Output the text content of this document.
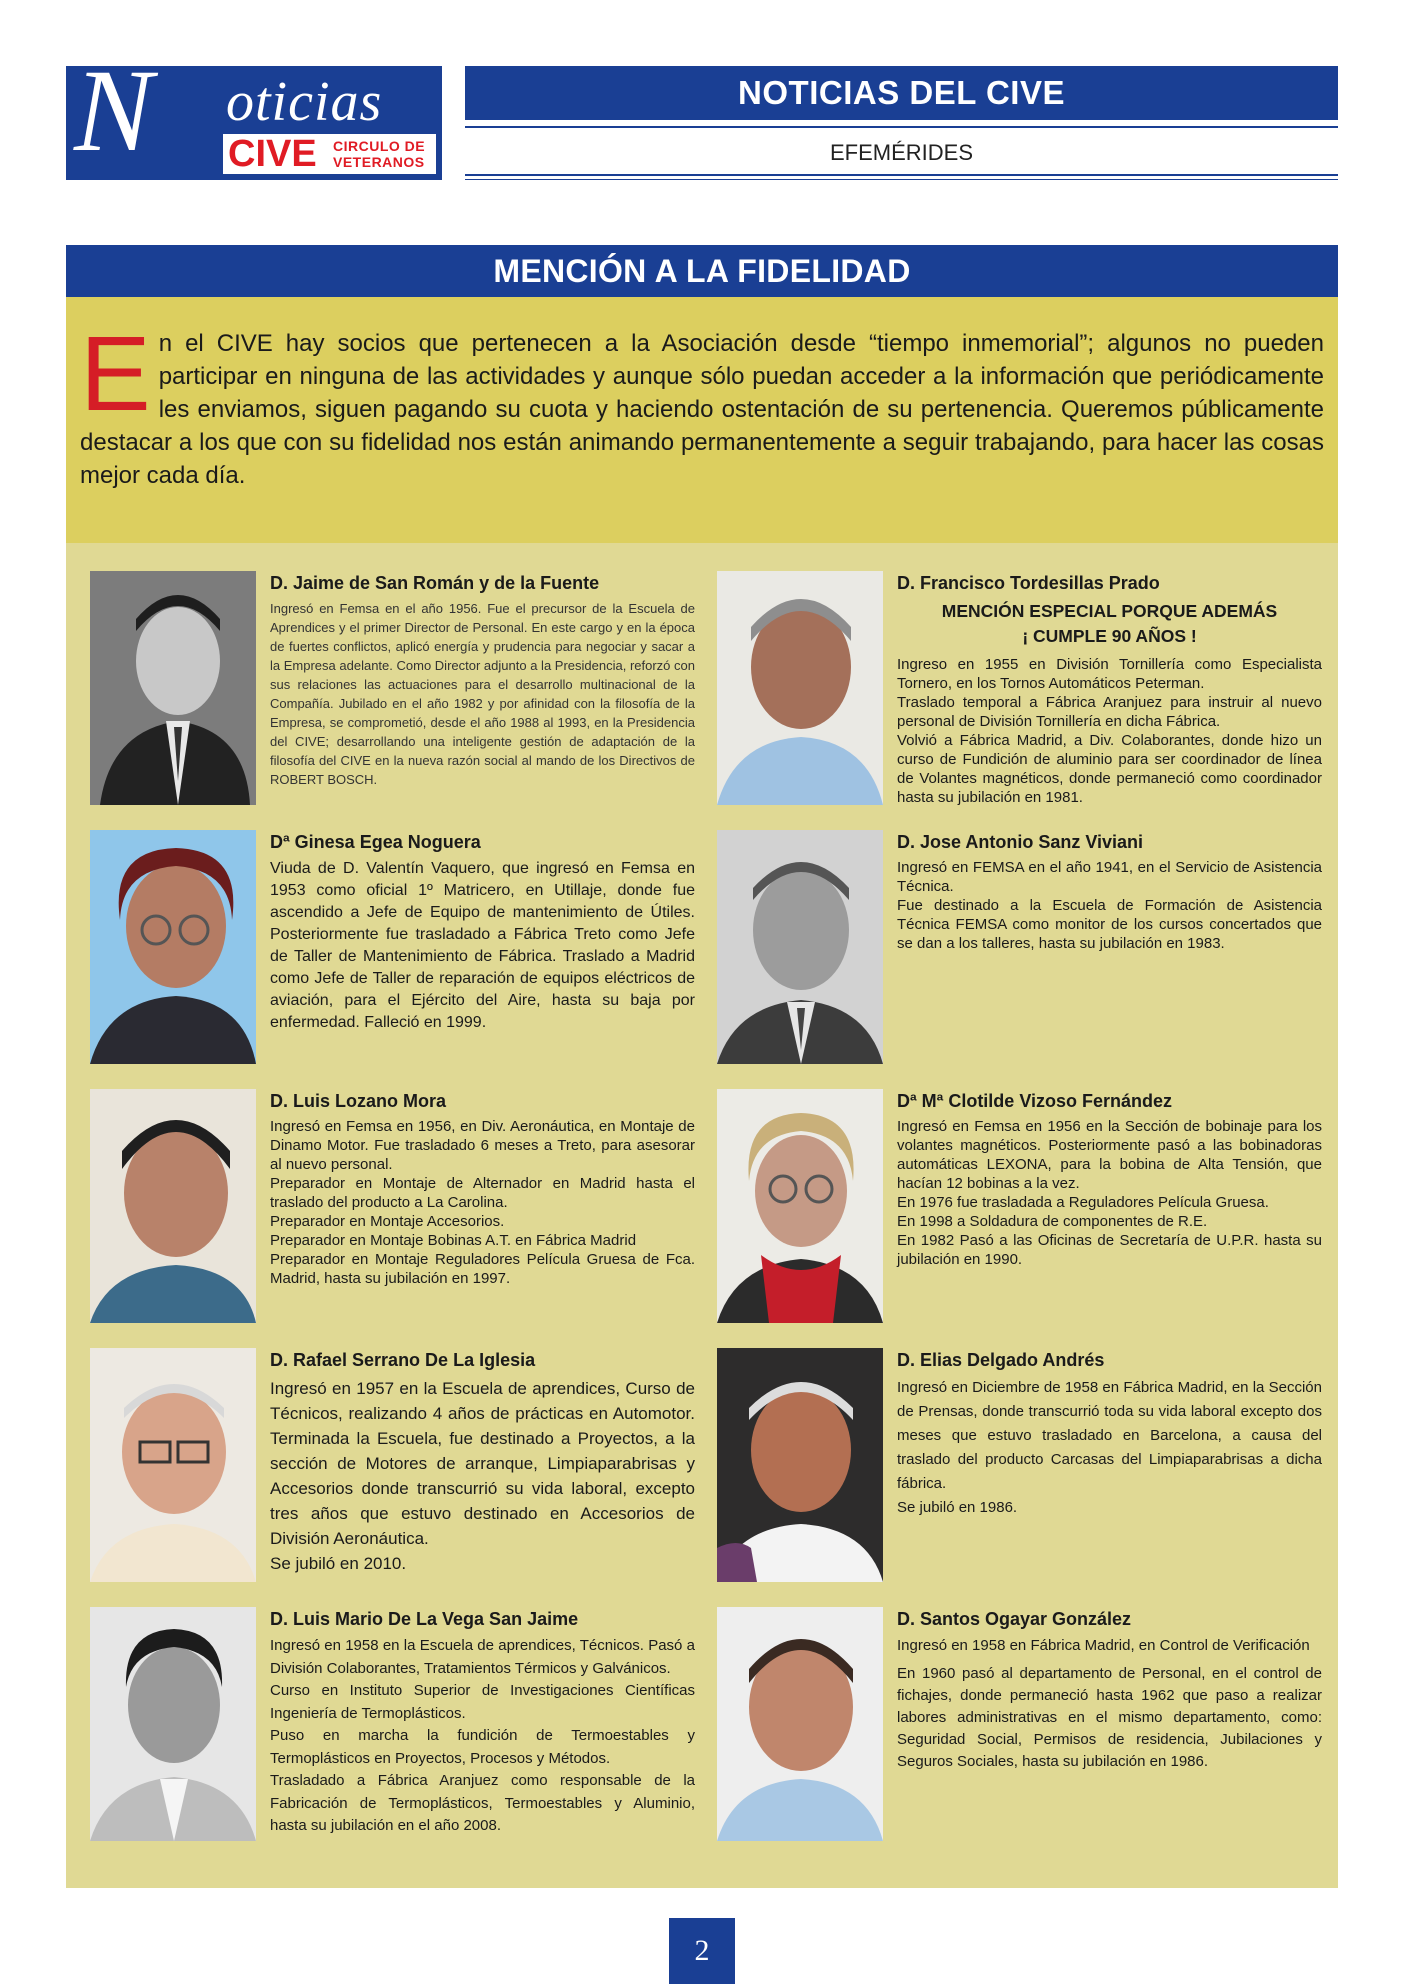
N oticias
CIVE CIRCULO DE
VETERANOS
NOTICIAS DEL CIVE
EFEMÉRIDES
MENCIÓN A LA FIDELIDAD
En el CIVE hay socios que pertenecen a la Asociación desde “tiempo inmemorial”; algunos no pueden participar en ninguna de las actividades y aunque sólo puedan acceder a la información que periódicamente les enviamos, siguen pagando su cuota y haciendo ostentación de su pertenencia. Queremos públicamente destacar a los que con su fidelidad nos están animando permanentemente a seguir trabajando, para hacer las cosas mejor cada día.
D. Jaime de San Román y de la Fuente

Ingresó en Femsa en el año 1956. Fue el precursor de la Escuela de Aprendices y el primer Director de Personal. En este cargo y en la época de fuertes conflictos, aplicó energía y prudencia para negociar y sacar a la Empresa adelante. Como Director adjunto a la Presidencia, reforzó con sus relaciones las actuaciones para el desarrollo multinacional de la Compañía. Jubilado en el año 1982 y por afinidad con la filosofía de la Empresa, se comprometió, desde el año 1988 al 1993, en la Presidencia del CIVE; desarrollando una inteligente gestión de adaptación de la filosofía del CIVE en la nueva razón social al mando de los Directivos de ROBERT BOSCH.

D. Francisco Tordesillas Prado
MENCIÓN ESPECIAL PORQUE ADEMÁS
¡ CUMPLE 90 AÑOS !

Ingreso en 1955 en División Tornillería como Especialista Tornero, en los Tornos Automáticos Peterman.

Traslado temporal a Fábrica Aranjuez para instruir al nuevo personal de División Tornillería en dicha Fábrica.

Volvió a Fábrica Madrid, a Div. Colaborantes, donde hizo un curso de Fundición de aluminio para ser coordinador de línea de Volantes magnéticos, donde permaneció como coordinador hasta su jubilación en 1981.

Dª Ginesa Egea Noguera

Viuda de D. Valentín Vaquero, que ingresó en Femsa en 1953 como oficial 1º Matricero, en Utillaje, donde fue ascendido a Jefe de Equipo de mantenimiento de Útiles. Posteriormente fue trasladado a Fábrica Treto como Jefe de Taller de Mantenimiento de Fábrica. Traslado a Madrid como Jefe de Taller de reparación de equipos eléctricos de aviación, para el Ejército del Aire, hasta su baja por enfermedad. Falleció en 1999.

D. Jose Antonio Sanz Viviani

Ingresó en FEMSA en el año 1941, en el Servicio de Asistencia Técnica.

Fue destinado a la Escuela de Formación de Asistencia Técnica FEMSA como monitor de los cursos concertados que se dan a los talleres, hasta su jubilación en 1983.

D. Luis Lozano Mora

Ingresó en Femsa en 1956, en Div. Aeronáutica, en Montaje de Dinamo Motor. Fue trasladado 6 meses a Treto, para asesorar al nuevo personal.

Preparador en Montaje de Alternador en Madrid hasta el traslado del producto a La Carolina.

Preparador en Montaje Accesorios.

Preparador en Montaje Bobinas A.T. en Fábrica Madrid

Preparador en Montaje Reguladores Película Gruesa de Fca. Madrid, hasta su jubilación en 1997.

Dª Mª Clotilde Vizoso Fernández

Ingresó en Femsa en 1956 en la Sección de bobinaje para los volantes magnéticos. Posteriormente pasó a las bobinadoras automáticas LEXONA, para la bobina de Alta Tensión, que hacían 12 bobinas a la vez.

En 1976 fue trasladada a Reguladores Película Gruesa.

En 1998 a Soldadura de componentes de R.E.

En 1982 Pasó a las Oficinas de Secretaría de U.P.R. hasta su jubilación en 1990.

D. Rafael Serrano De La Iglesia

Ingresó en 1957 en la Escuela de aprendices, Curso de Técnicos, realizando 4 años de prácticas en Automotor. Terminada la Escuela, fue destinado a Proyectos, a la sección de Motores de arranque, Limpiaparabrisas y Accesorios donde transcurrió su vida laboral, excepto tres años que estuvo destinado en Accesorios de División Aeronáutica.

Se jubiló en 2010.

D. Elias Delgado Andrés

Ingresó en Diciembre de 1958 en Fábrica Madrid, en la Sección de Prensas, donde transcurrió toda su vida laboral excepto dos meses que estuvo trasladado en Barcelona, a causa del traslado del producto Carcasas del Limpiaparabrisas a dicha fábrica.

Se jubiló en 1986.

D. Luis Mario De La Vega San Jaime

Ingresó en 1958 en la Escuela de aprendices, Técnicos. Pasó a División Colaborantes, Tratamientos Térmicos y Galvánicos.

Curso en Instituto Superior de Investigaciones Científicas Ingeniería de Termoplásticos.

Puso en marcha la fundición de Termoestables y Termoplásticos en Proyectos, Procesos y Métodos.

Trasladado a Fábrica Aranjuez como responsable de la Fabricación de Termoplásticos, Termoestables y Aluminio, hasta su jubilación en el año 2008.

D. Santos Ogayar González

Ingresó en 1958 en Fábrica Madrid, en Control de Verificación

En 1960 pasó al departamento de Personal, en el control de fichajes, donde permaneció hasta 1962 que paso a realizar labores administrativas en el mismo departamento, como: Seguridad Social, Permisos de residencia, Jubilaciones y Seguros Sociales, hasta su jubilación en 1986.

2
